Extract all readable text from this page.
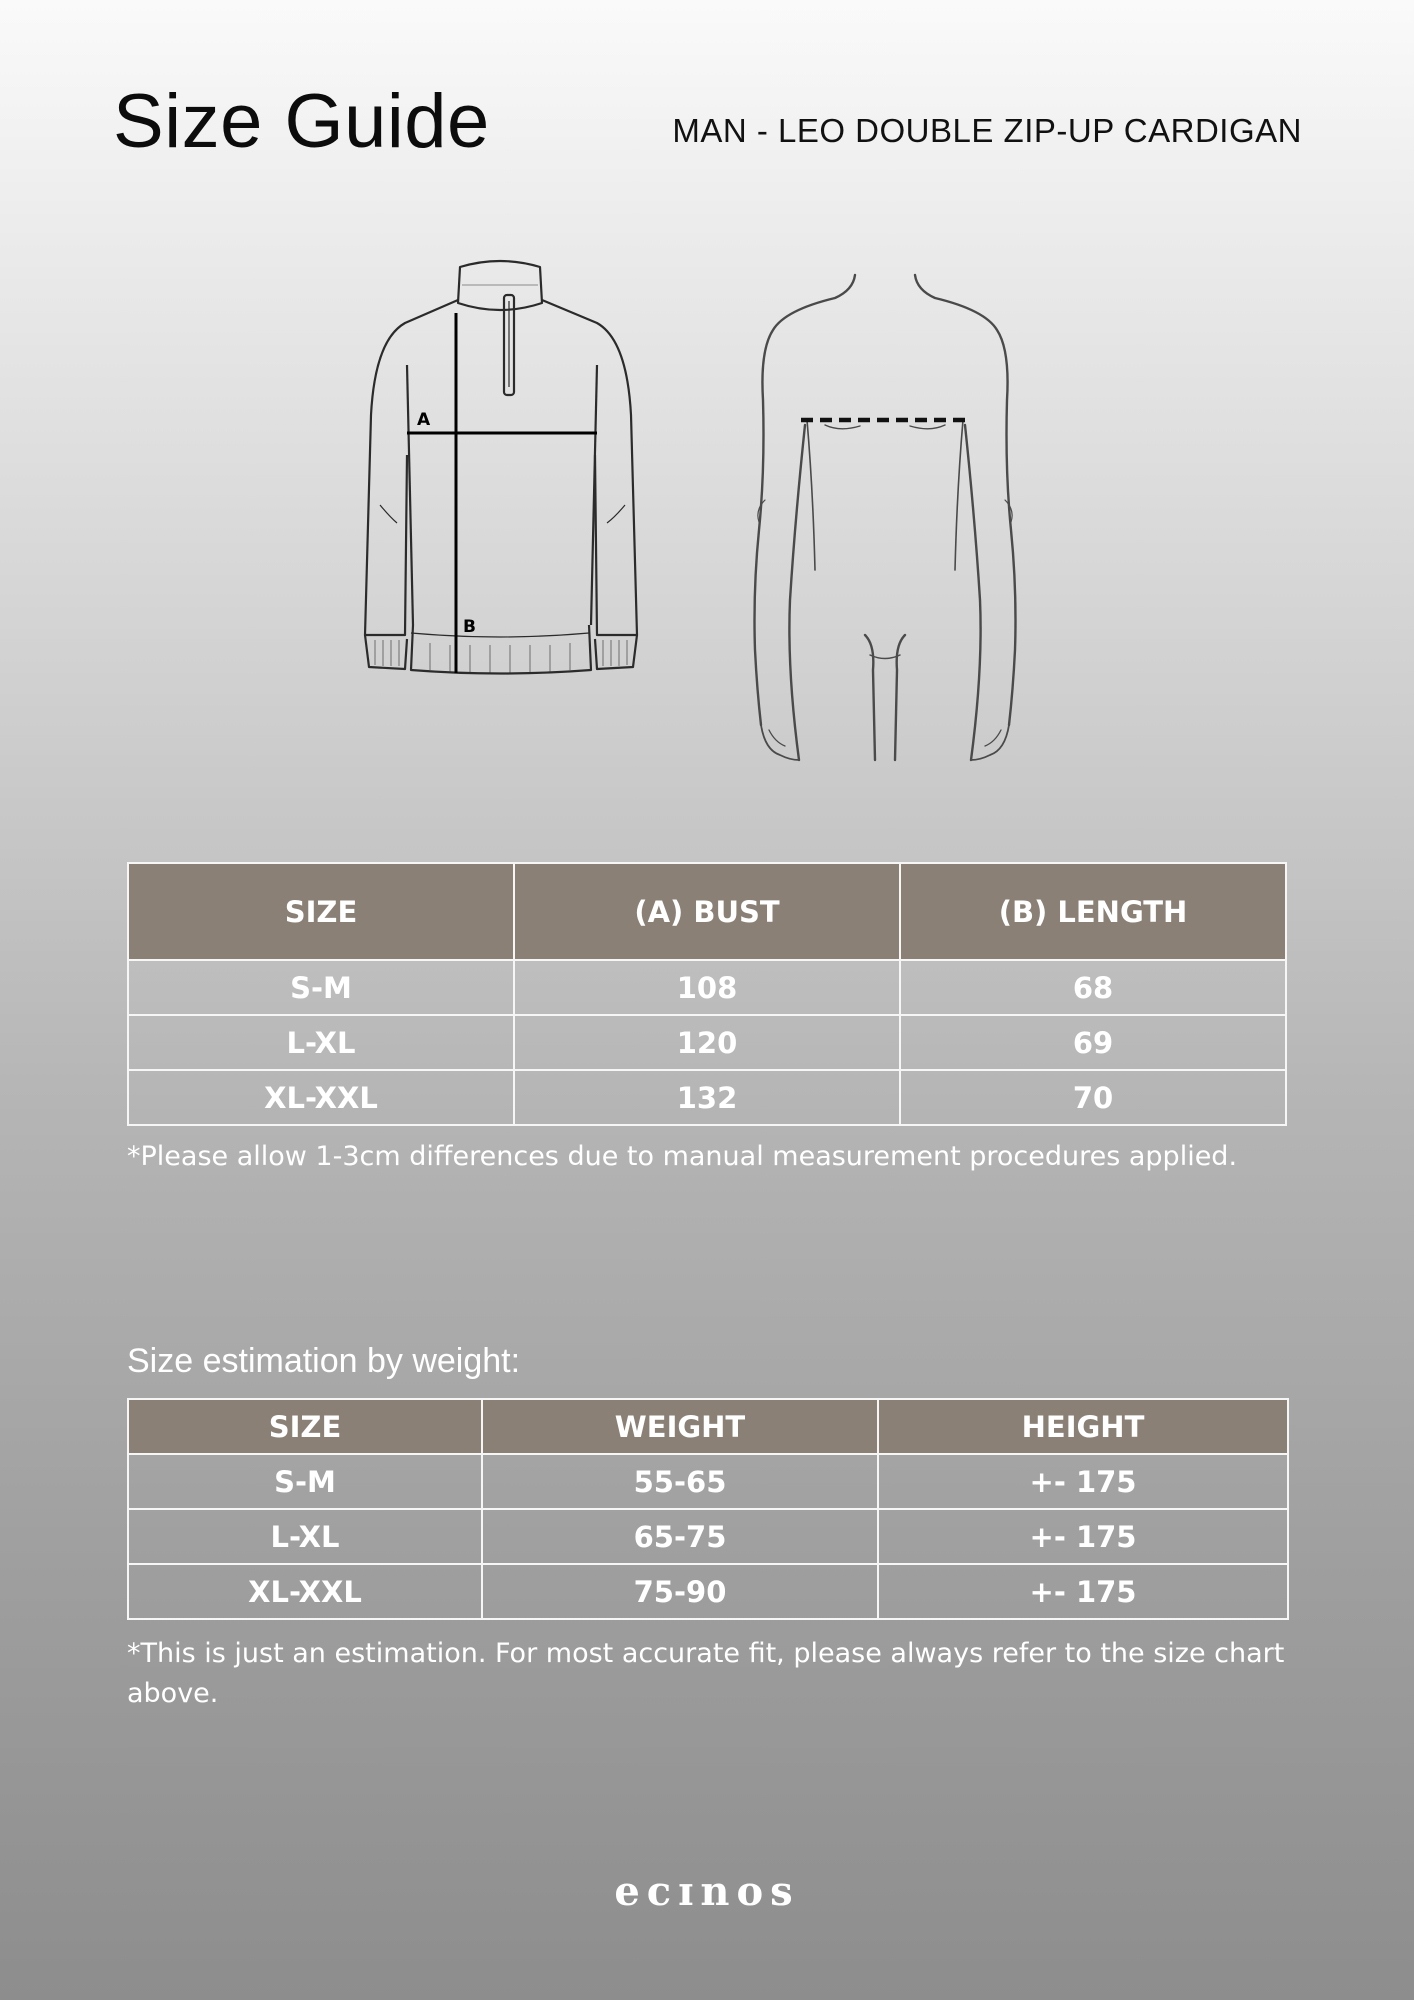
Size Guide	MAN - LEO DOUBLE ZIP-UP CARDIGAN
A
B
SIZE	(A) BUST	(B) LENGTH
S-M	108	68
L-XL	120	69
XL-XXL	132	70
*Please allow 1-3cm differences due to manual measurement procedures applied.
Size estimation by weight:
SIZE	WEIGHT	HEIGHT
S-M	55-65	+- 175
L-XL	65-75	+- 175
XL-XXL	75-90	+- 175
*This is just an estimation. For most accurate fit, please always refer to the size chart above.
ecɪnos
